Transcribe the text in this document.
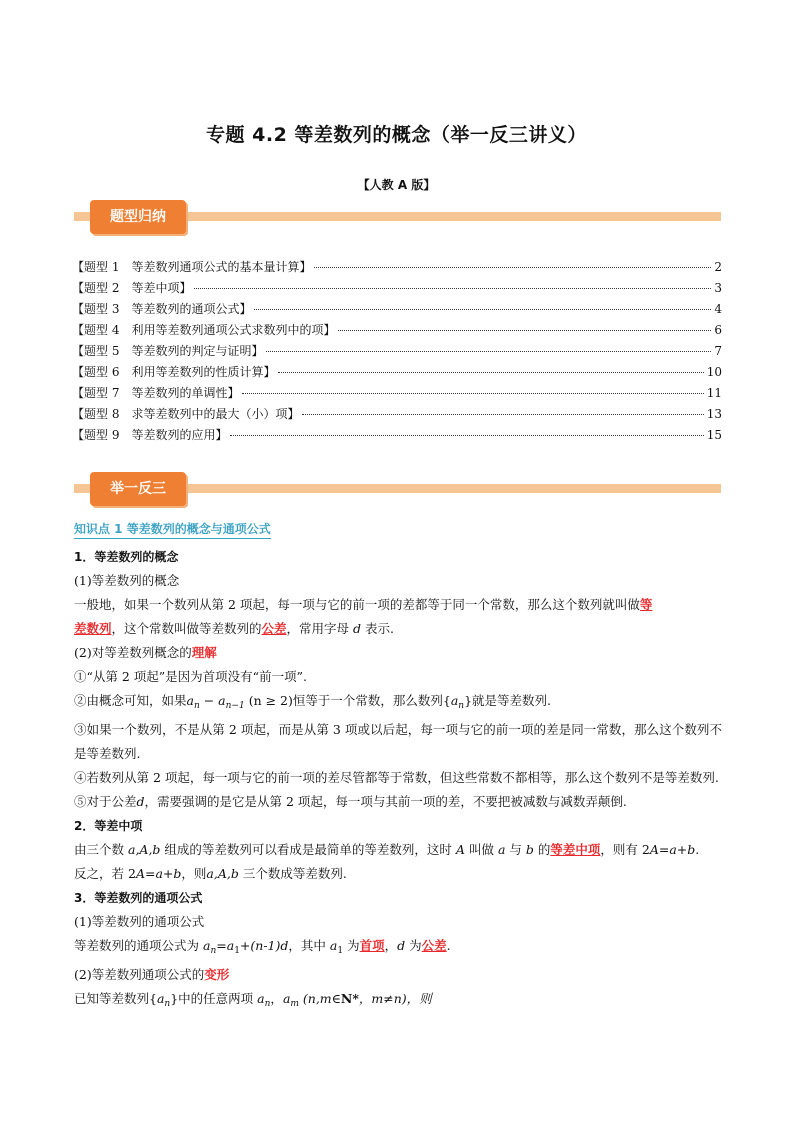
专题 4.2 等差数列的概念（举一反三讲义）
【人教 A 版】
题型归纳
【题型 1 等差数列通项公式的基本量计算】	2
【题型 2 等差中项】	3
【题型 3 等差数列的通项公式】	4
【题型 4 利用等差数列通项公式求数列中的项】	6
【题型 5 等差数列的判定与证明】	7
【题型 6 利用等差数列的性质计算】	10
【题型 7 等差数列的单调性】	11
【题型 8 求等差数列中的最大（小）项】	13
【题型 9 等差数列的应用】	15
举一反三
知识点 1 等差数列的概念与通项公式
1．等差数列的概念
(1)等差数列的概念
一般地，如果一个数列从第 2 项起，每一项与它的前一项的差都等于同一个常数，那么这个数列就叫做等
差数列，这个常数叫做等差数列的公差，常用字母 d 表示.
(2)对等差数列概念的理解
①“从第 2 项起”是因为首项没有“前一项”.
②由概念可知，如果$a_n - a_{n-1}$ (n ≥ 2)恒等于一个常数，那么数列$\{a_n\}$就是等差数列.
③如果一个数列，不是从第 2 项起，而是从第 3 项或以后起，每一项与它的前一项的差是同一常数，那么这个数列不是等差数列.
④若数列从第 2 项起，每一项与它的前一项的差尽管都等于常数，但这些常数不都相等，那么这个数列不是等差数列.
⑤对于公差d，需要强调的是它是从第 2 项起，每一项与其前一项的差，不要把被减数与减数弄颠倒.
2．等差中项
由三个数 a,A,b 组成的等差数列可以看成是最简单的等差数列，这时 A 叫做 a 与 b 的等差中项，则有 2A=a+b.
反之，若 2A=a+b，则a,A,b 三个数成等差数列.
3．等差数列的通项公式
(1)等差数列的通项公式
等差数列的通项公式为 $a_n=a_1+(n-1)d$，其中 $a_1$ 为首项，d 为公差.
(2)等差数列通项公式的变形
已知等差数列$\{a_n\}$中的任意两项 $a_n$，$a_m$ (n,m∈N*，m≠n)，则
